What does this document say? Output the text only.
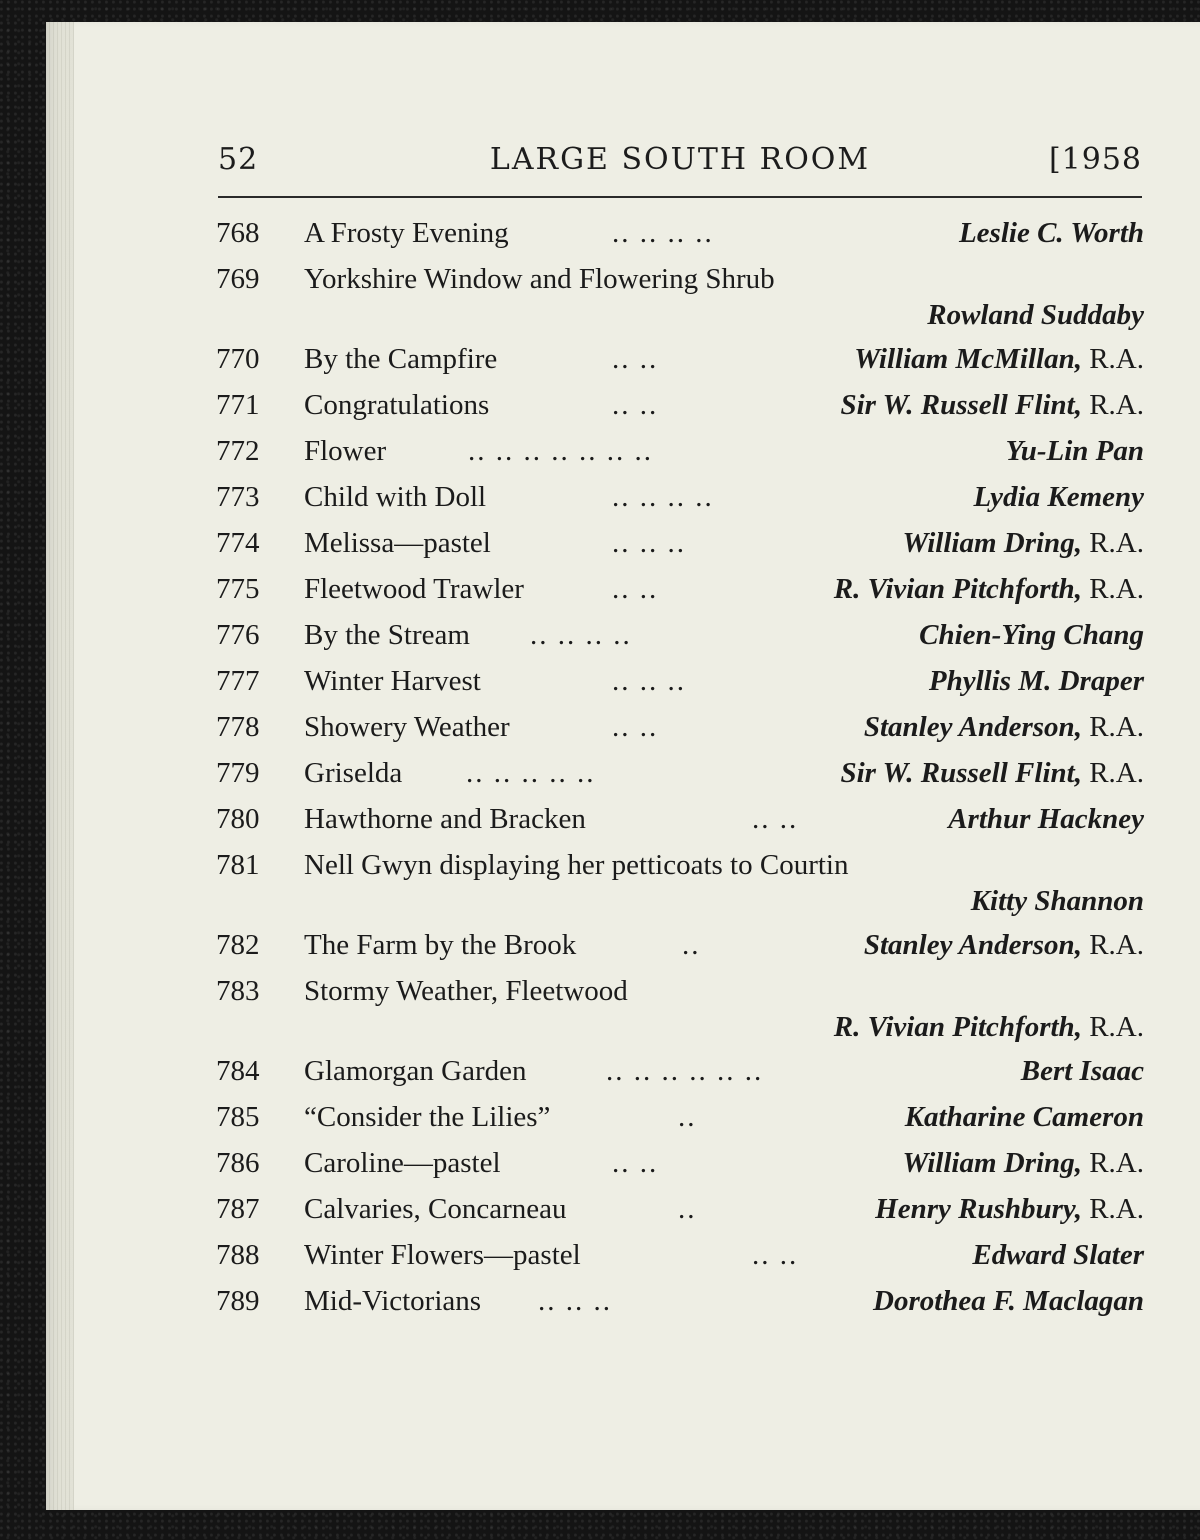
52	LARGE SOUTH ROOM	[1958
768 A Frosty Evening	.. .. .. ..	Leslie C. Worth
769 Yorkshire Window and Flowering Shrub
Rowland Suddaby
770 By the Campfire	.. ..	William McMillan, R.A.
771 Congratulations	.. ..	Sir W. Russell Flint, R.A.
772 Flower	.. .. .. .. .. .. ..	Yu-Lin Pan
773 Child with Doll	.. .. .. ..	Lydia Kemeny
774 Melissa—pastel	.. .. ..	William Dring, R.A.
775 Fleetwood Trawler	.. ..	R. Vivian Pitchforth, R.A.
776 By the Stream .. .. .. ..	Chien-Ying Chang
777 Winter Harvest	.. .. ..	Phyllis M. Draper
778 Showery Weather	.. ..	Stanley Anderson, R.A.
779 Griselda .. .. .. .. ..	Sir W. Russell Flint, R.A.
780 Hawthorne and Bracken	.. ..	Arthur Hackney
781 Nell Gwyn displaying her petticoats to Courtin
Kitty Shannon
782 The Farm by the Brook	..	Stanley Anderson, R.A.
783 Stormy Weather, Fleetwood
R. Vivian Pitchforth, R.A.
784 Glamorgan Garden	.. .. .. .. .. ..	Bert Isaac
785 “Consider the Lilies”	..	Katharine Cameron
786 Caroline—pastel	.. ..	William Dring, R.A.
787 Calvaries, Concarneau	..	Henry Rushbury, R.A.
788 Winter Flowers—pastel	.. ..	Edward Slater
789 Mid-Victorians .. .. ..	Dorothea F. Maclagan
